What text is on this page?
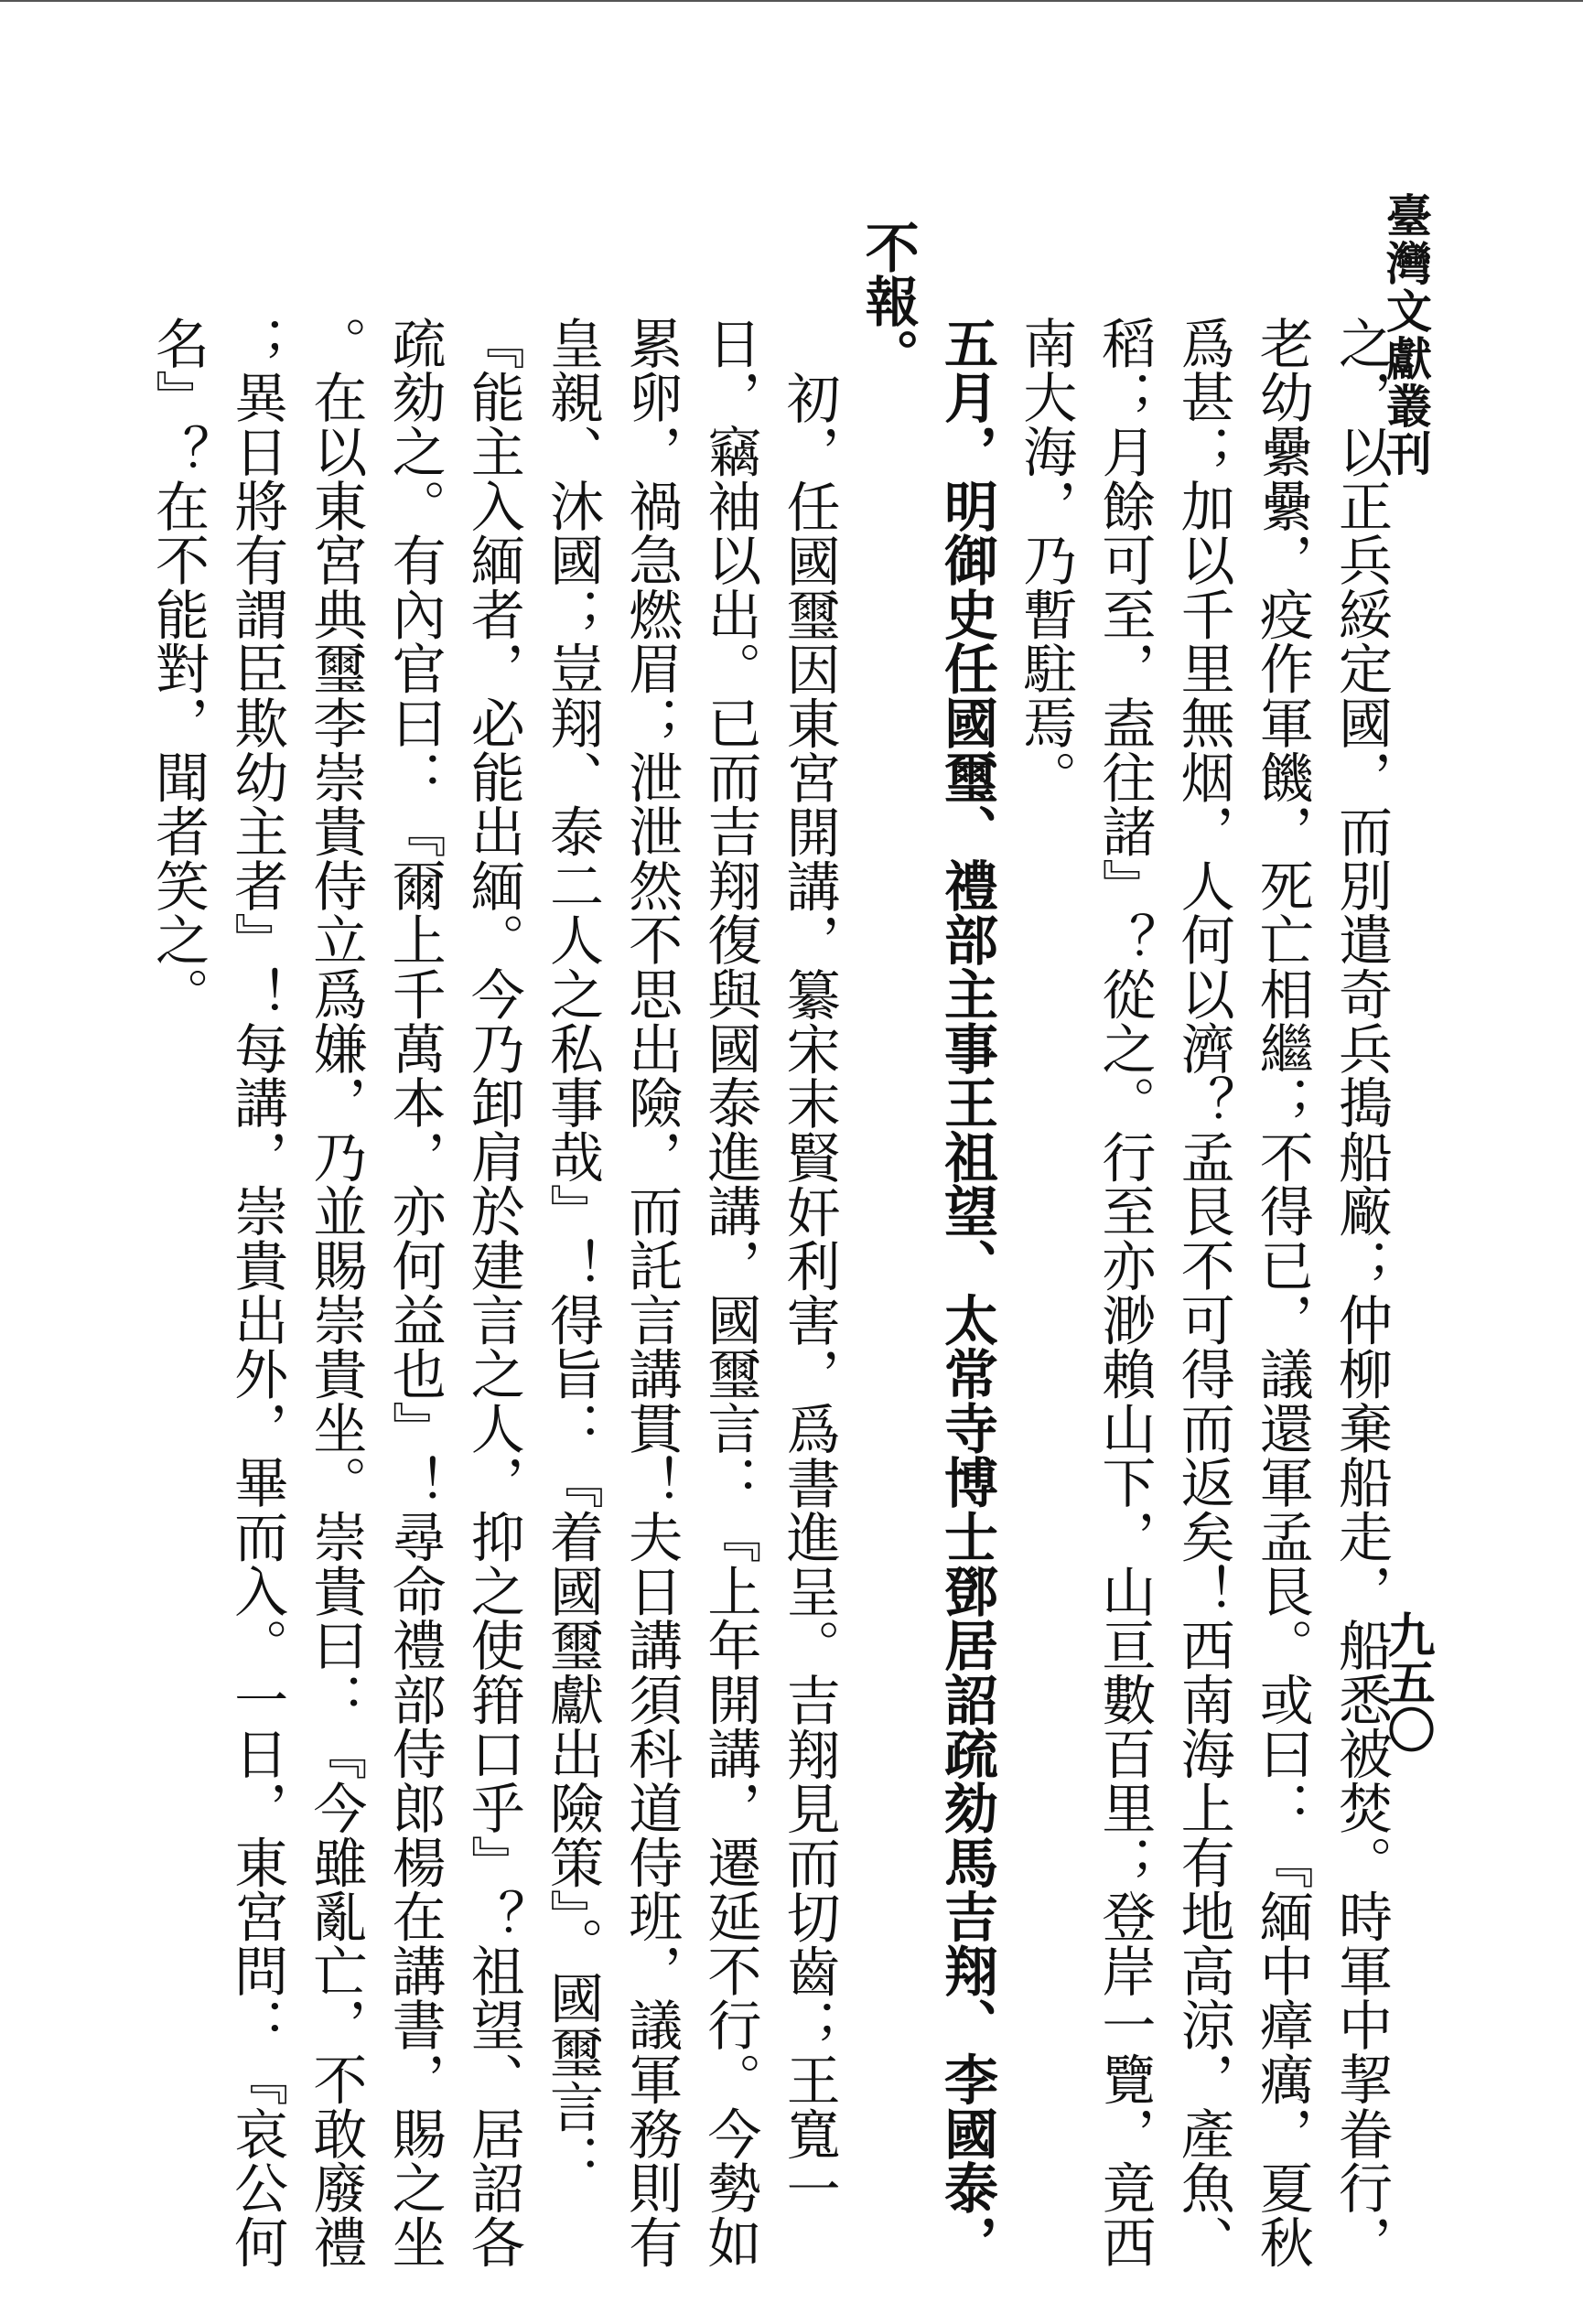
臺灣文獻叢刊
九五〇
之，以正兵綏定國，而別遣奇兵搗船廠；仲柳棄船走，船悉被焚。時軍中挈眷行，
老幼纍纍，疫作軍饑，死亡相繼；不得已，議還軍孟艮。或曰：『緬中瘴癘，夏秋
爲甚；加以千里無烟，人何以濟？孟艮不可得而返矣！西南海上有地高涼，產魚、
稻；月餘可至，盍往諸』？從之。行至亦渺賴山下，山亘數百里；登岸一覽，竟西
南大海，乃暫駐焉。
五月，明御史任國璽、禮部主事王祖望、太常寺博士鄧居詔疏劾馬吉翔、李國泰，
不報。
初，任國璽因東宮開講，纂宋末賢奸利害，爲書進呈。吉翔見而切齒；王寬一
日，竊袖以出。已而吉翔復與國泰進講，國璽言：『上年開講，遷延不行。今勢如
累卵，禍急燃眉；泄泄然不思出險，而託言講貫！夫日講須科道侍班，議軍務則有
皇親、沐國；豈翔、泰二人之私事哉』！得旨：『着國璽獻出險策』。國璽言：
『能主入緬者，必能出緬。今乃卸肩於建言之人，抑之使箝口乎』？祖望、居詔各
疏劾之。有內官曰：『爾上千萬本，亦何益也』！尋命禮部侍郎楊在講書，賜之坐
。在以東宮典璽李崇貴侍立爲嫌，乃並賜崇貴坐。崇貴曰：『今雖亂亡，不敢廢禮
；異日將有謂臣欺幼主者』！每講，崇貴出外，畢而入。一日，東宮問：『哀公何
名』？在不能對，聞者笑之。
